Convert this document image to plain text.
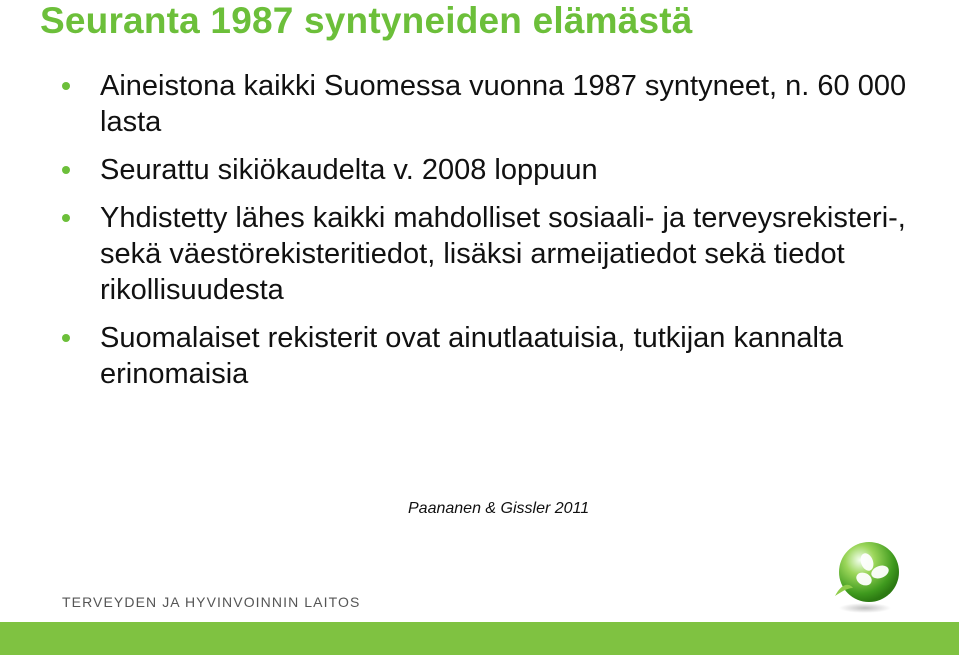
Seuranta 1987 syntyneiden elämästä
Aineistona kaikki Suomessa vuonna 1987 syntyneet, n. 60 000 lasta
Seurattu sikiökaudelta v. 2008 loppuun
Yhdistetty lähes kaikki mahdolliset sosiaali- ja terveysrekisteri-, sekä väestörekisteritiedot, lisäksi armeijatiedot sekä tiedot rikollisuudesta
Suomalaiset rekisterit ovat ainutlaatuisia, tutkijan kannalta erinomaisia
Paananen & Gissler 2011
TERVEYDEN JA HYVINVOINNIN LAITOS
